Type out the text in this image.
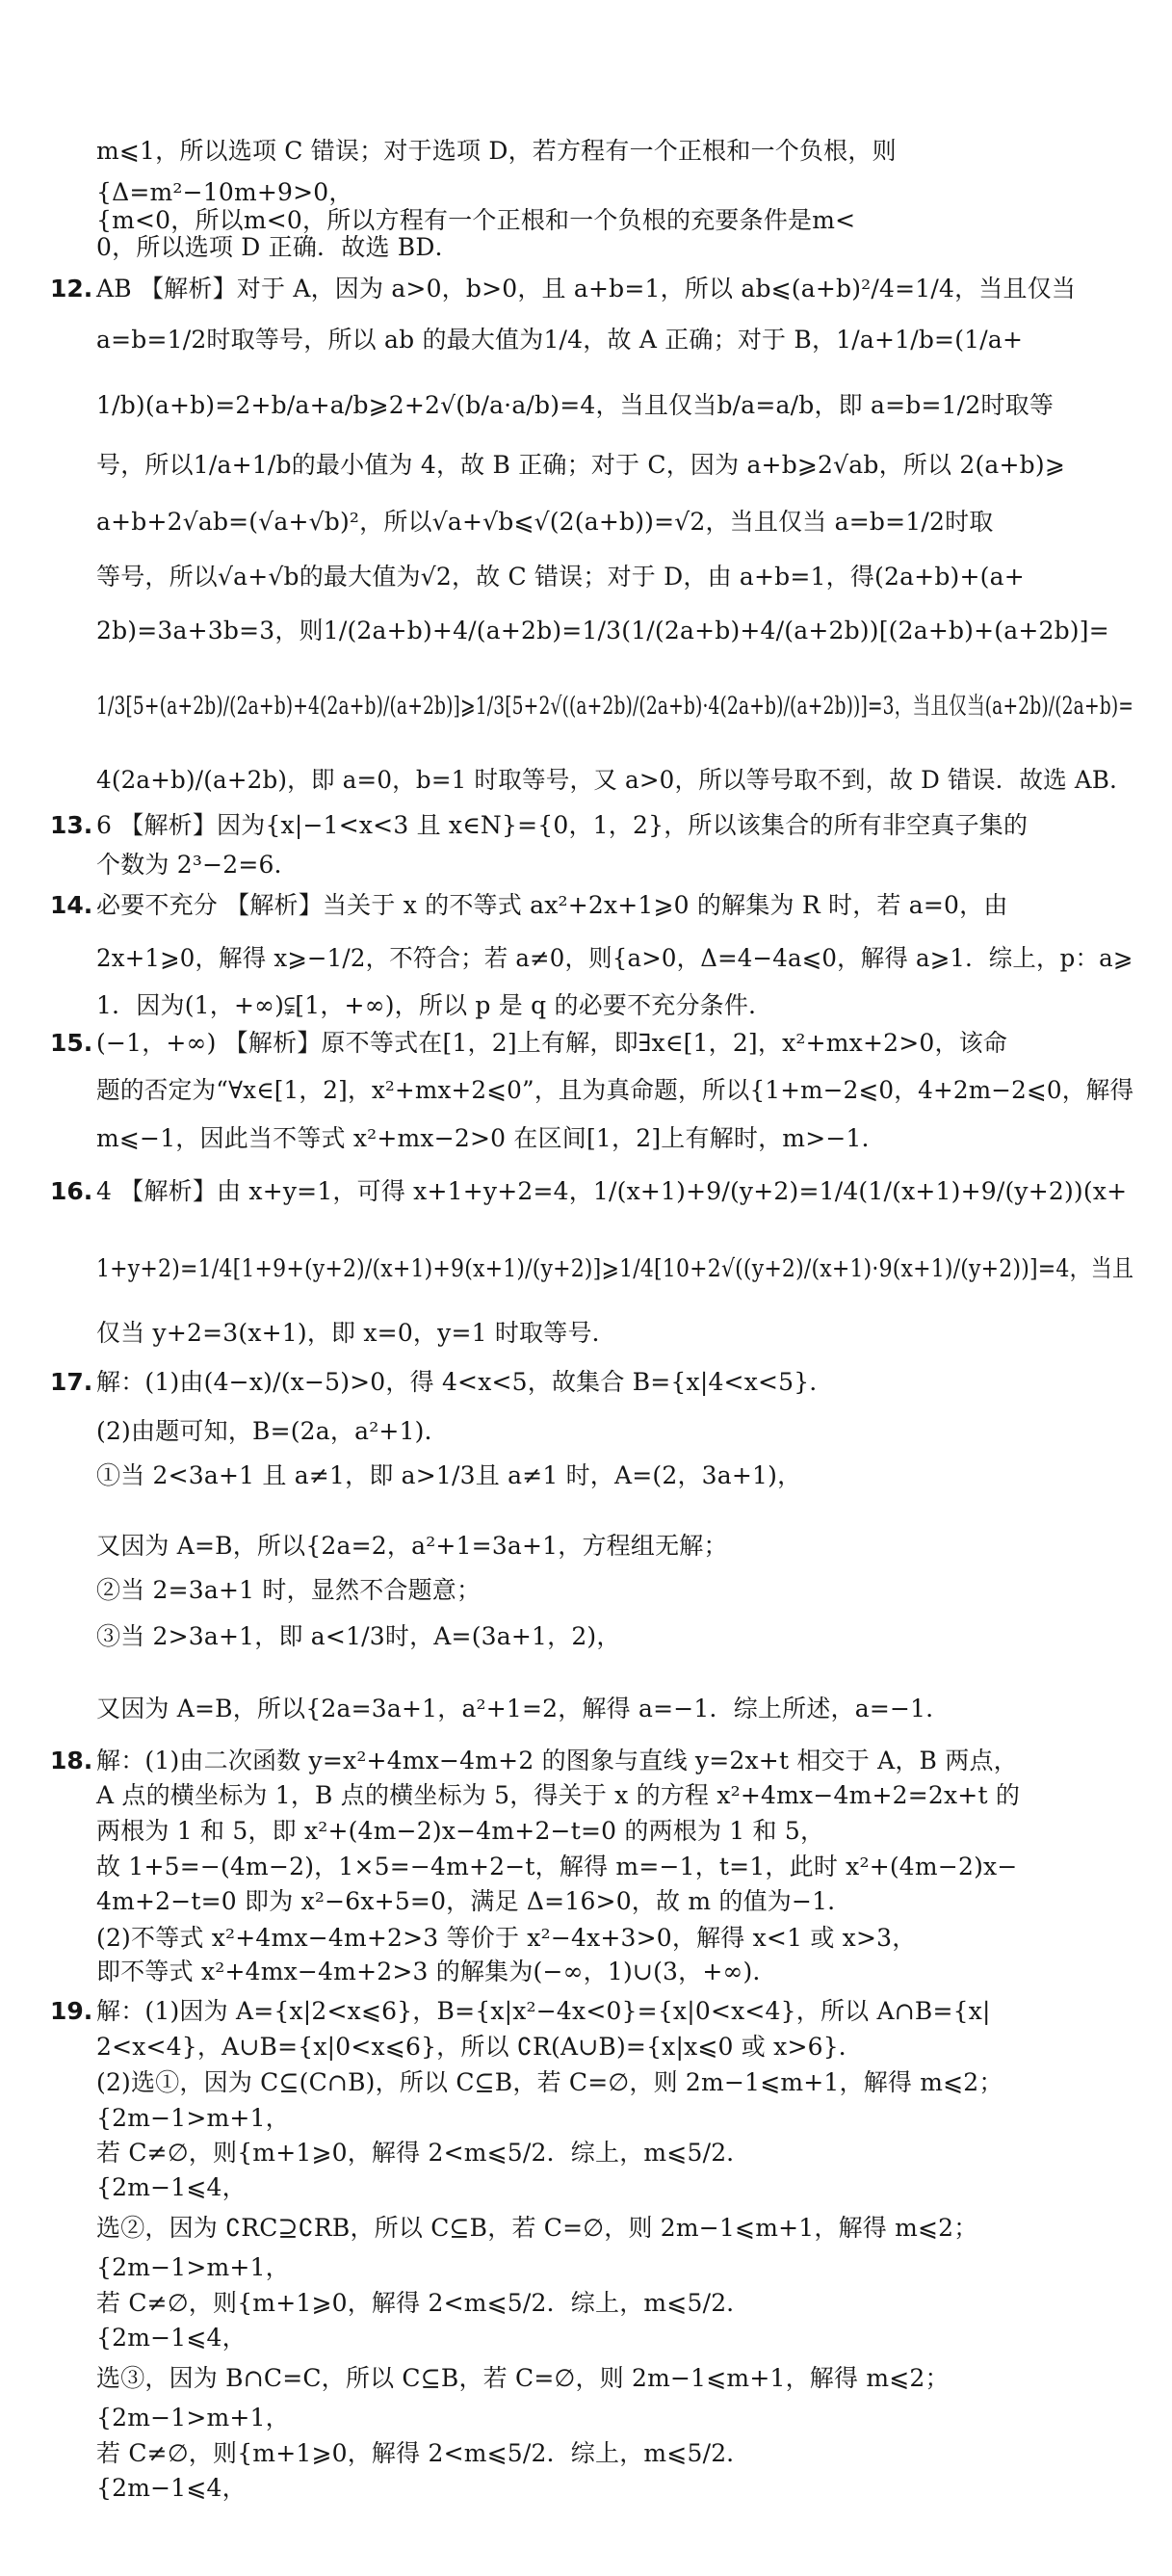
m⩽1，所以选项 C 错误；对于选项 D，若方程有一个正根和一个负根，则
{Δ=m²−10m+9>0，
{m<0，所以m<0，所以方程有一个正根和一个负根的充要条件是m<
0，所以选项 D 正确．故选 BD．
12. AB 【解析】对于 A，因为 a>0，b>0，且 a+b=1，所以 ab⩽(a+b)²/4=1/4，当且仅当
a=b=1/2时取等号，所以 ab 的最大值为1/4，故 A 正确；对于 B，1/a+1/b=(1/a+
1/b)(a+b)=2+b/a+a/b⩾2+2√(b/a·a/b)=4，当且仅当b/a=a/b，即 a=b=1/2时取等
号，所以1/a+1/b的最小值为 4，故 B 正确；对于 C，因为 a+b⩾2√ab，所以 2(a+b)⩾
a+b+2√ab=(√a+√b)²，所以√a+√b⩽√(2(a+b))=√2，当且仅当 a=b=1/2时取
等号，所以√a+√b的最大值为√2，故 C 错误；对于 D，由 a+b=1，得(2a+b)+(a+
2b)=3a+3b=3，则1/(2a+b)+4/(a+2b)=1/3(1/(2a+b)+4/(a+2b))[(2a+b)+(a+2b)]=
1/3[5+(a+2b)/(2a+b)+4(2a+b)/(a+2b)]⩾1/3[5+2√((a+2b)/(2a+b)·4(2a+b)/(a+2b))]=3，当且仅当(a+2b)/(2a+b)=
4(2a+b)/(a+2b)，即 a=0，b=1 时取等号，又 a>0，所以等号取不到，故 D 错误．故选 AB．
13. 6 【解析】因为{x|−1<x<3 且 x∈N}={0，1，2}，所以该集合的所有非空真子集的
个数为 2³−2=6．
14. 必要不充分 【解析】当关于 x 的不等式 ax²+2x+1⩾0 的解集为 R 时，若 a=0，由
2x+1⩾0，解得 x⩾−1/2，不符合；若 a≠0，则{a>0，Δ=4−4a⩽0，解得 a⩾1．综上，p：a⩾
1．因为(1，+∞)⫋[1，+∞)，所以 p 是 q 的必要不充分条件．
15. (−1，+∞) 【解析】原不等式在[1，2]上有解，即∃x∈[1，2]，x²+mx+2>0，该命
题的否定为“∀x∈[1，2]，x²+mx+2⩽0”，且为真命题，所以{1+m−2⩽0，4+2m−2⩽0，解得
m⩽−1，因此当不等式 x²+mx−2>0 在区间[1，2]上有解时，m>−1．
16. 4 【解析】由 x+y=1，可得 x+1+y+2=4，1/(x+1)+9/(y+2)=1/4(1/(x+1)+9/(y+2))(x+
1+y+2)=1/4[1+9+(y+2)/(x+1)+9(x+1)/(y+2)]⩾1/4[10+2√((y+2)/(x+1)·9(x+1)/(y+2))]=4，当且
仅当 y+2=3(x+1)，即 x=0，y=1 时取等号．
17. 解：(1)由(4−x)/(x−5)>0，得 4<x<5，故集合 B={x|4<x<5}．
(2)由题可知，B=(2a，a²+1)．
①当 2<3a+1 且 a≠1，即 a>1/3且 a≠1 时，A=(2，3a+1)，
又因为 A=B，所以{2a=2，a²+1=3a+1，方程组无解；
②当 2=3a+1 时，显然不合题意；
③当 2>3a+1，即 a<1/3时，A=(3a+1，2)，
又因为 A=B，所以{2a=3a+1，a²+1=2，解得 a=−1．综上所述，a=−1．
18. 解：(1)由二次函数 y=x²+4mx−4m+2 的图象与直线 y=2x+t 相交于 A，B 两点，
A 点的横坐标为 1，B 点的横坐标为 5，得关于 x 的方程 x²+4mx−4m+2=2x+t 的
两根为 1 和 5，即 x²+(4m−2)x−4m+2−t=0 的两根为 1 和 5，
故 1+5=−(4m−2)，1×5=−4m+2−t，解得 m=−1，t=1，此时 x²+(4m−2)x−
4m+2−t=0 即为 x²−6x+5=0，满足 Δ=16>0，故 m 的值为−1．
(2)不等式 x²+4mx−4m+2>3 等价于 x²−4x+3>0，解得 x<1 或 x>3，
即不等式 x²+4mx−4m+2>3 的解集为(−∞，1)∪(3，+∞)．
19. 解：(1)因为 A={x|2<x⩽6}，B={x|x²−4x<0}={x|0<x<4}，所以 A∩B={x|
2<x<4}，A∪B={x|0<x⩽6}，所以 ∁R(A∪B)={x|x⩽0 或 x>6}．
(2)选①，因为 C⊆(C∩B)，所以 C⊆B，若 C=∅，则 2m−1⩽m+1，解得 m⩽2；
{2m−1>m+1，
若 C≠∅，则{m+1⩾0，解得 2<m⩽5/2．综上，m⩽5/2．
{2m−1⩽4，
选②，因为 ∁RC⊇∁RB，所以 C⊆B，若 C=∅，则 2m−1⩽m+1，解得 m⩽2；
{2m−1>m+1，
若 C≠∅，则{m+1⩾0，解得 2<m⩽5/2．综上，m⩽5/2．
{2m−1⩽4，
选③，因为 B∩C=C，所以 C⊆B，若 C=∅，则 2m−1⩽m+1，解得 m⩽2；
{2m−1>m+1，
若 C≠∅，则{m+1⩾0，解得 2<m⩽5/2．综上，m⩽5/2．
{2m−1⩽4，
